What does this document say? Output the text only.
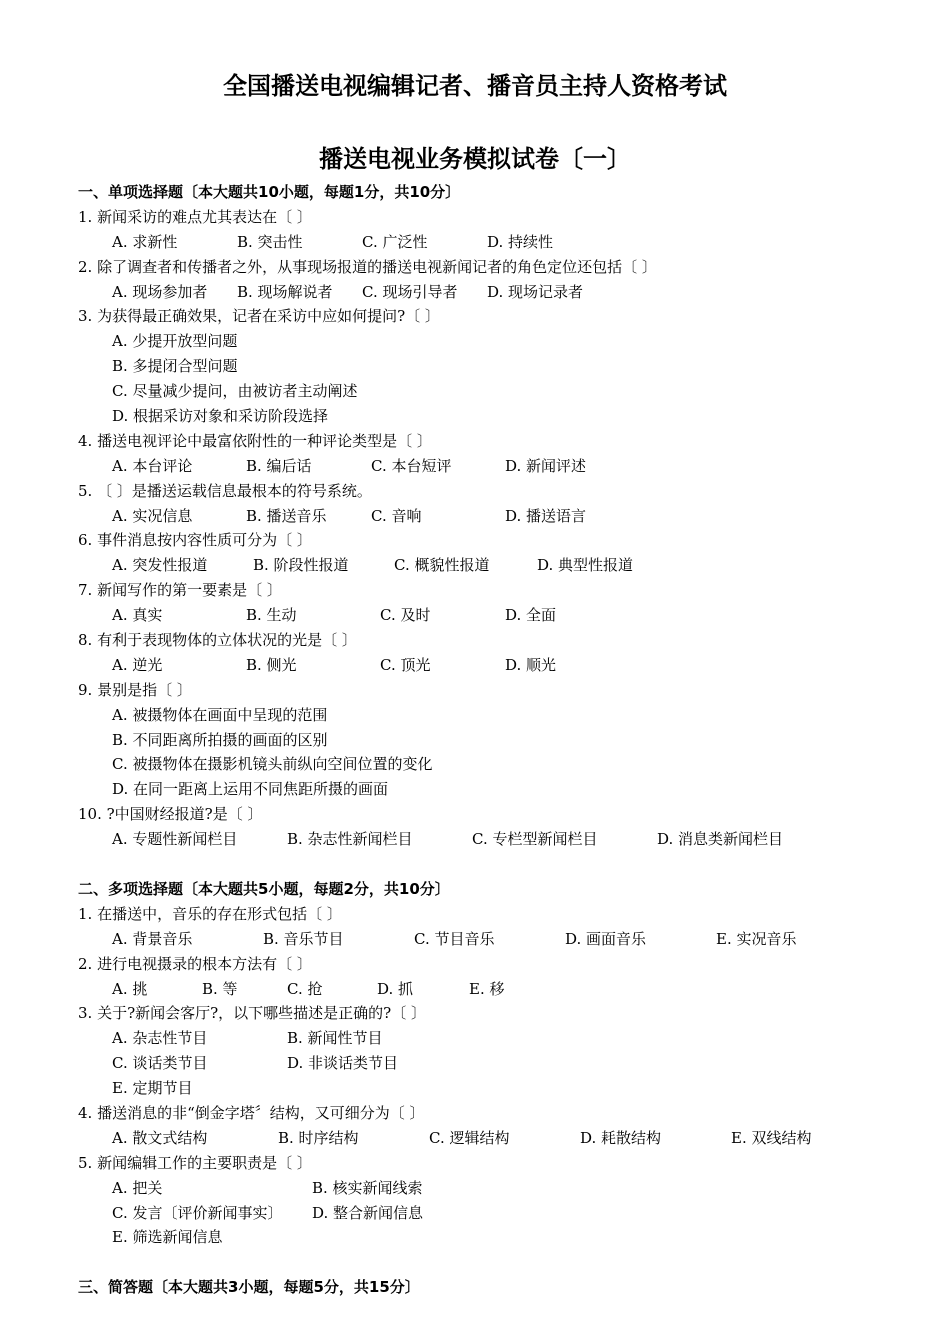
全国播送电视编辑记者、播音员主持人资格考试
播送电视业务模拟试卷〔一〕
一、单项选择题〔本大题共10小题，每题1分，共10分〕
1. 新闻采访的难点尤其表达在〔 〕
A. 求新性	B. 突击性	C. 广泛性	D. 持续性
2. 除了调查者和传播者之外，从事现场报道的播送电视新闻记者的角色定位还包括〔 〕
A. 现场参加者 B. 现场解说者 C. 现场引导者 D. 现场记录者
3. 为获得最正确效果，记者在采访中应如何提问?〔 〕
A. 少提开放型问题
B. 多提闭合型问题
C. 尽量减少提问，由被访者主动阐述
D. 根据采访对象和采访阶段选择
4. 播送电视评论中最富依附性的一种评论类型是〔 〕
A. 本台评论	B. 编后话	C. 本台短评	D. 新闻评述
5. 〔 〕是播送运载信息最根本的符号系统。
A. 实况信息	B. 播送音乐	C. 音响	D. 播送语言
6. 事件消息按内容性质可分为〔 〕
A. 突发性报道	B. 阶段性报道	C. 概貌性报道	D. 典型性报道
7. 新闻写作的第一要素是〔 〕
A. 真实	B. 生动	C. 及时	D. 全面
8. 有利于表现物体的立体状况的光是〔 〕
A. 逆光	B. 侧光	C. 顶光	D. 顺光
9. 景别是指〔 〕
A. 被摄物体在画面中呈现的范围
B. 不同距离所拍摄的画面的区别
C. 被摄物体在摄影机镜头前纵向空间位置的变化
D. 在同一距离上运用不同焦距所摄的画面
10. ?中国财经报道?是〔 〕
A. 专题性新闻栏目	B. 杂志性新闻栏目	C. 专栏型新闻栏目	D. 消息类新闻栏目
二、多项选择题〔本大题共5小题，每题2分，共10分〕
1. 在播送中，音乐的存在形式包括〔 〕
A. 背景音乐	B. 音乐节目	C. 节目音乐	D. 画面音乐	E. 实况音乐
2. 进行电视摄录的根本方法有〔 〕
A. 挑	B. 等	C. 抢	D. 抓	E. 移
3. 关于?新闻会客厅?，以下哪些描述是正确的?〔 〕
A. 杂志性节目	B. 新闻性节目
C. 谈话类节目	D. 非谈话类节目
E. 定期节目
4. 播送消息的非“倒金字塔〞结构，又可细分为〔 〕
A. 散文式结构	B. 时序结构	C. 逻辑结构	D. 耗散结构	E. 双线结构
5. 新闻编辑工作的主要职责是〔 〕
A. 把关	B. 核实新闻线索
C. 发言〔评价新闻事实〕 D. 整合新闻信息
E. 筛选新闻信息
三、简答题〔本大题共3小题，每题5分，共15分〕
